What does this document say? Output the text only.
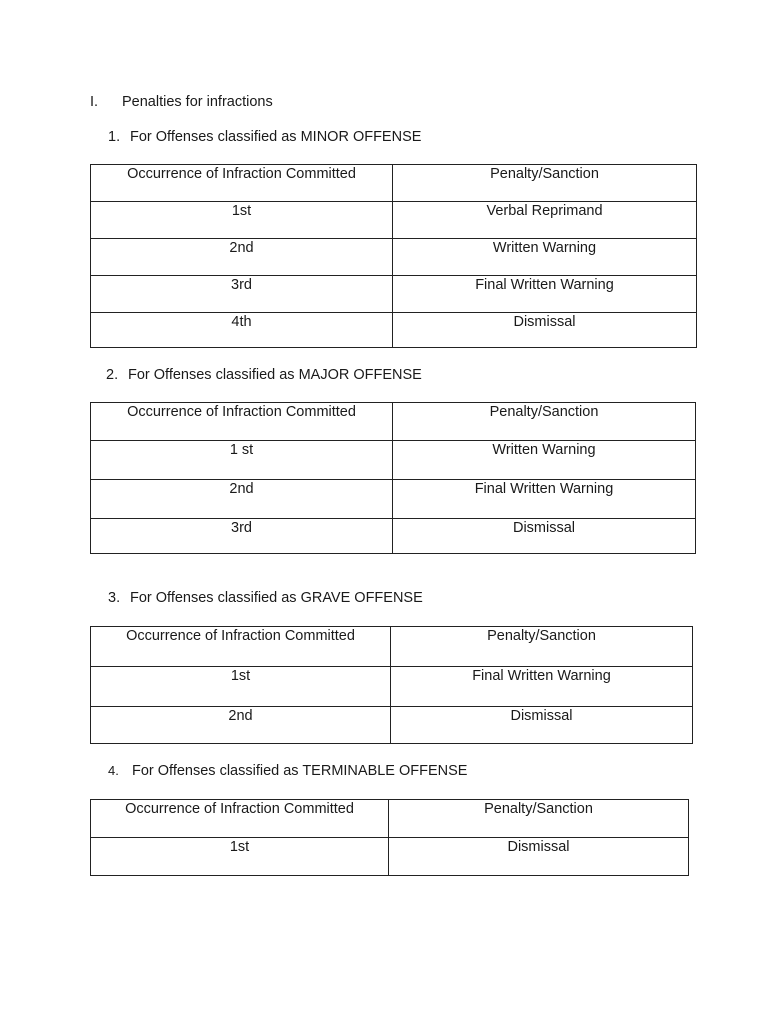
I. Penalties for infractions
1. For Offenses classified as MINOR OFFENSE
Occurrence of Infraction Committed	Penalty/Sanction
1st	Verbal Reprimand
2nd	Written Warning
3rd	Final Written Warning
4th	Dismissal
2. For Offenses classified as MAJOR OFFENSE
Occurrence of Infraction Committed	Penalty/Sanction
1 st	Written Warning
2nd	Final Written Warning
3rd	Dismissal
3. For Offenses classified as GRAVE OFFENSE
Occurrence of Infraction Committed	Penalty/Sanction
1st	Final Written Warning
2nd	Dismissal
4. For Offenses classified as TERMINABLE OFFENSE
Occurrence of Infraction Committed	Penalty/Sanction
1st	Dismissal
